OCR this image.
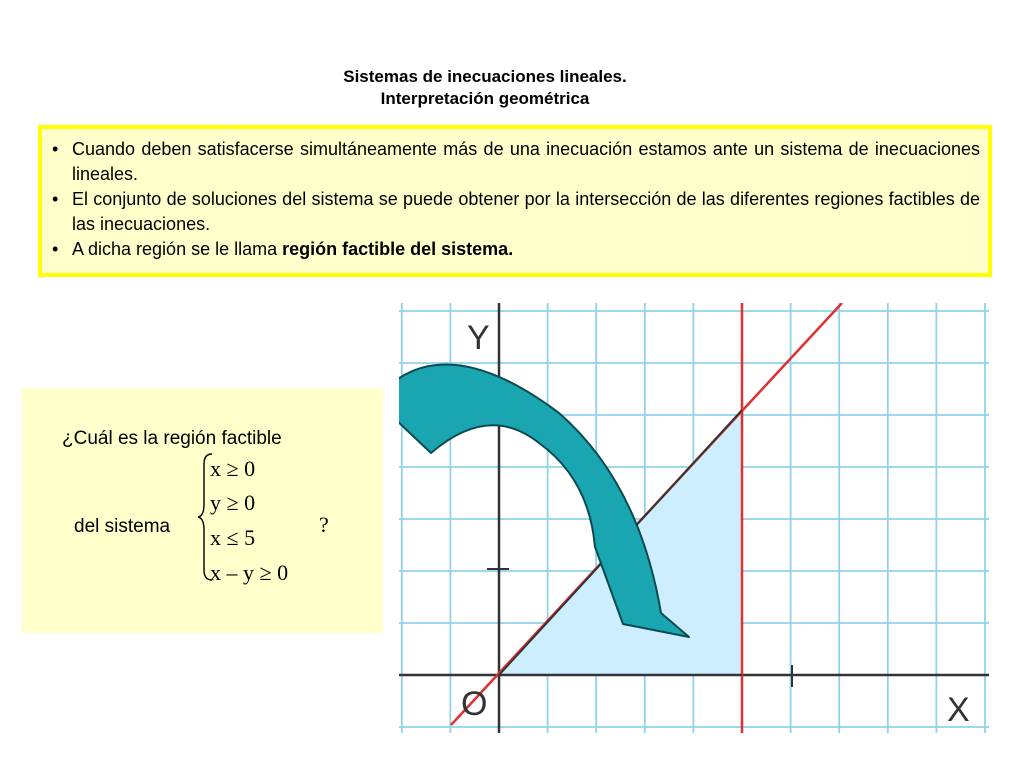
Sistemas de inecuaciones lineales.
Interpretación geométrica
• Cuando deben satisfacerse simultáneamente más de una inecuación estamos ante un sistema de inecuaciones lineales.
• El conjunto de soluciones del sistema se puede obtener por la intersección de las diferentes regiones factibles de las inecuaciones.
• A dicha región se le llama región factible del sistema.
¿Cuál es la región factible
del sistema
x ≥ 0
y ≥ 0
x ≤ 5
x – y ≥ 0
?
Y
O	X
